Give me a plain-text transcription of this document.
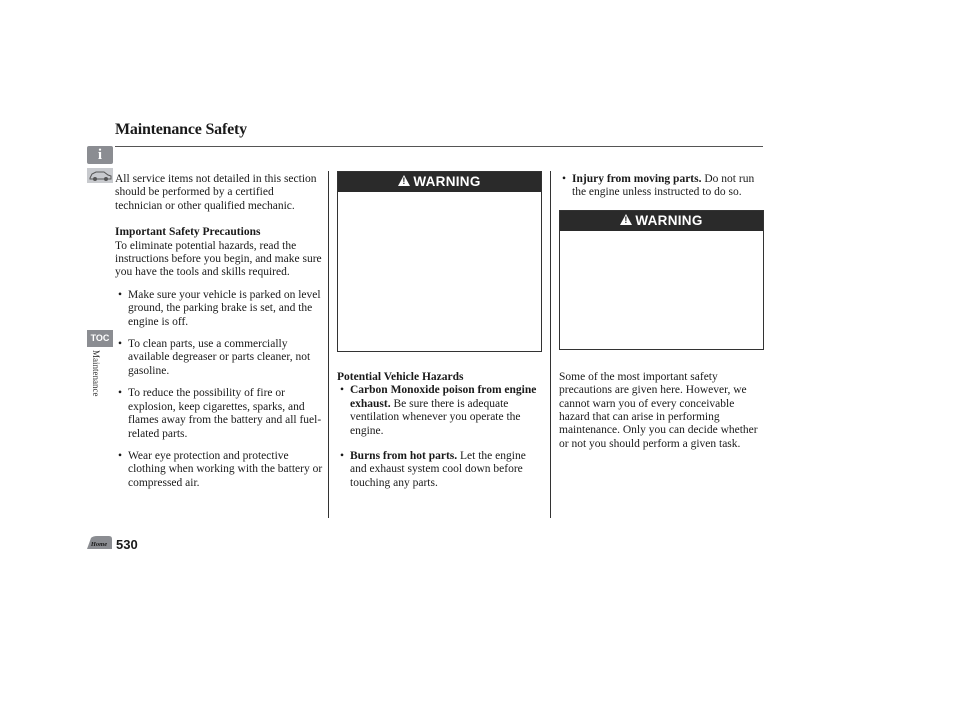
Maintenance Safety
i
TOC
Maintenance
Home 530

All service items not detailed in this section should be performed by a certified technician or other qualified mechanic.

Important Safety Precautions

To eliminate potential hazards, read the instructions before you begin, and make sure you have the tools and skills required.

• Make sure your vehicle is parked on level ground, the parking brake is set, and the engine is off.
• To clean parts, use a commercially available degreaser or parts cleaner, not gasoline.
• To reduce the possibility of fire or explosion, keep cigarettes, sparks, and flames away from the battery and all fuel-related parts.
• Wear eye protection and protective clothing when working with the battery or compressed air.
!WARNING

Potential Vehicle Hazards

• Carbon Monoxide poison from engine exhaust. Be sure there is adequate ventilation whenever you operate the engine.
• Burns from hot parts. Let the engine and exhaust system cool down before touching any parts.
• Injury from moving parts. Do not run the engine unless instructed to do so.
!WARNING

Some of the most important safety precautions are given here. However, we cannot warn you of every conceivable hazard that can arise in performing maintenance. Only you can decide whether or not you should perform a given task.
